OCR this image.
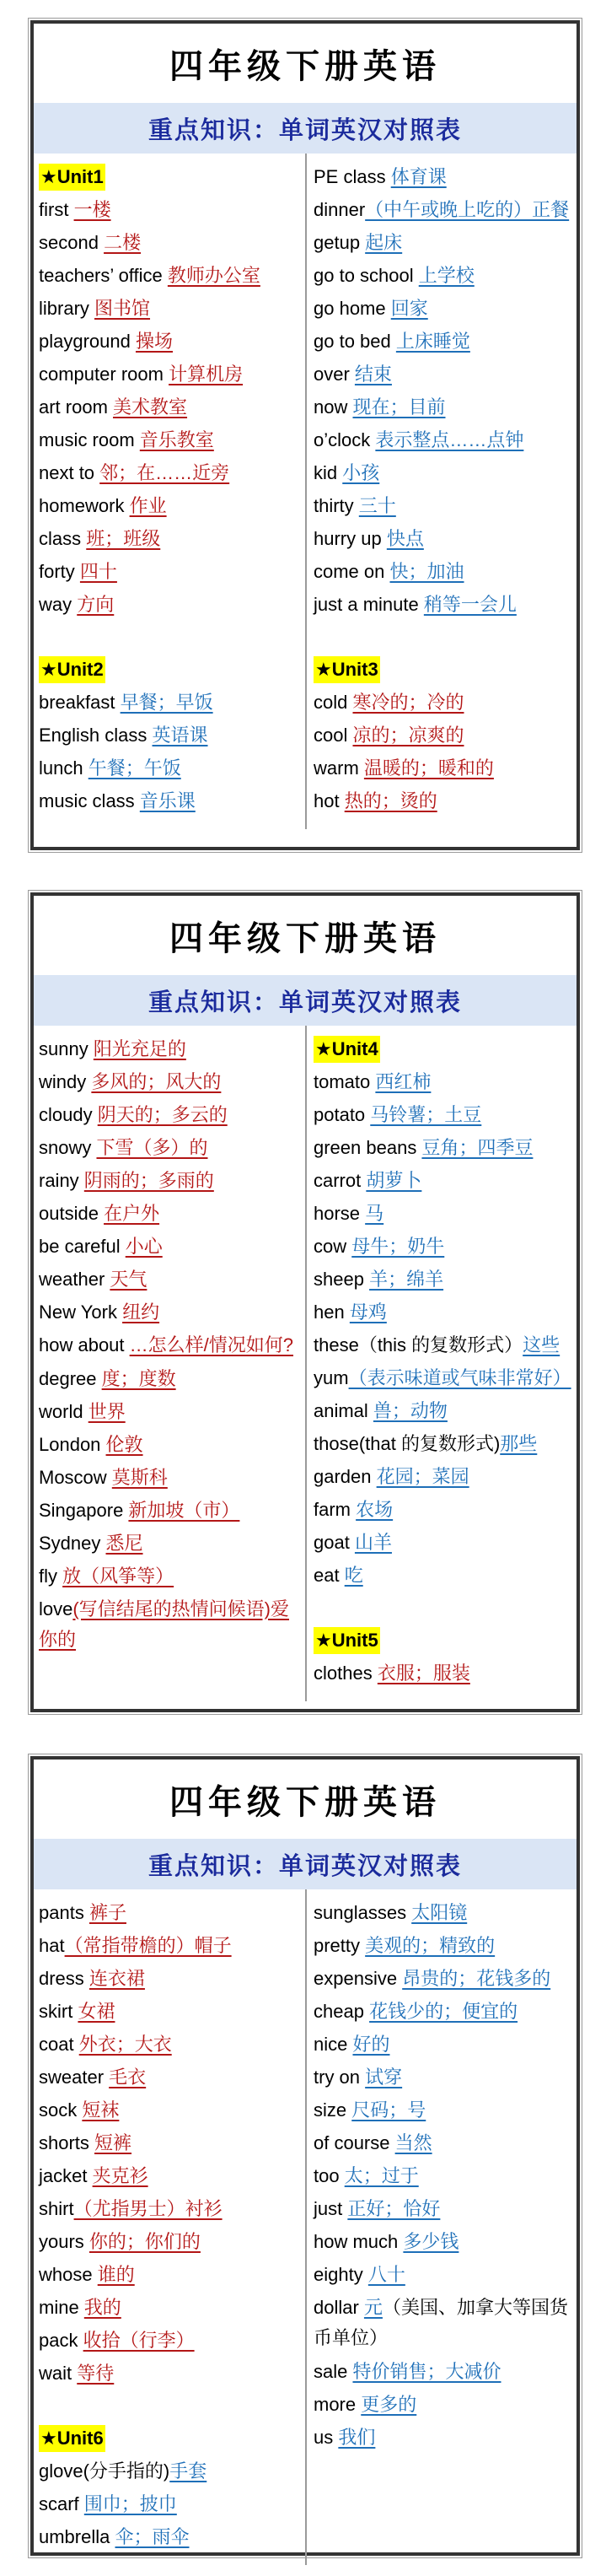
四年级下册英语
重点知识：单词英汉对照表
★Unit1
first 一楼
second 二楼
teachers’ office 教师办公室
library 图书馆
playground 操场
computer room 计算机房
art room 美术教室
music room 音乐教室
next to 邻；在……近旁
homework 作业
class 班；班级
forty 四十
way 方向
★Unit2
breakfast 早餐；早饭
English class 英语课
lunch 午餐；午饭
music class 音乐课
PE class 体育课
dinner（中午或晚上吃的）正餐
getup 起床
go to school 上学校
go home 回家
go to bed 上床睡觉
over 结束
now 现在；目前
o’clock 表示整点……点钟
kid 小孩
thirty 三十
hurry up 快点
come on 快；加油
just a minute 稍等一会儿
★Unit3
cold 寒冷的；冷的
cool 凉的；凉爽的
warm 温暖的；暖和的
hot 热的；烫的
四年级下册英语
重点知识：单词英汉对照表
sunny 阳光充足的
windy 多风的；风大的
cloudy 阴天的；多云的
snowy 下雪（多）的
rainy 阴雨的；多雨的
outside 在户外
be careful 小心
weather 天气
New York 纽约
how about …怎么样/情况如何?
degree 度；度数
world 世界
London 伦敦
Moscow 莫斯科
Singapore 新加坡（市）
Sydney 悉尼
fly 放（风筝等）
love(写信结尾的热情问候语)爱你的
★Unit4
tomato 西红柿
potato 马铃薯；土豆
green beans 豆角；四季豆
carrot 胡萝卜
horse 马
cow 母牛；奶牛
sheep 羊；绵羊
hen 母鸡
these（this 的复数形式）这些
yum（表示味道或气味非常好）
animal 兽；动物
those(that 的复数形式)那些
garden 花园；菜园
farm 农场
goat 山羊
eat 吃
★Unit5
clothes 衣服；服装
四年级下册英语
重点知识：单词英汉对照表
pants 裤子
hat（常指带檐的）帽子
dress 连衣裙
skirt 女裙
coat 外衣；大衣
sweater 毛衣
sock 短袜
shorts 短裤
jacket 夹克衫
shirt（尤指男士）衬衫
yours 你的；你们的
whose 谁的
mine 我的
pack 收拾（行李）
wait 等待
★Unit6
glove(分手指的)手套
scarf 围巾；披巾
umbrella 伞；雨伞
sunglasses 太阳镜
pretty 美观的；精致的
expensive 昂贵的；花钱多的
cheap 花钱少的；便宜的
nice 好的
try on 试穿
size 尺码；号
of course 当然
too 太；过于
just 正好；恰好
how much 多少钱
eighty 八十
dollar 元（美国、加拿大等国货币单位）
sale 特价销售；大减价
more 更多的
us 我们
